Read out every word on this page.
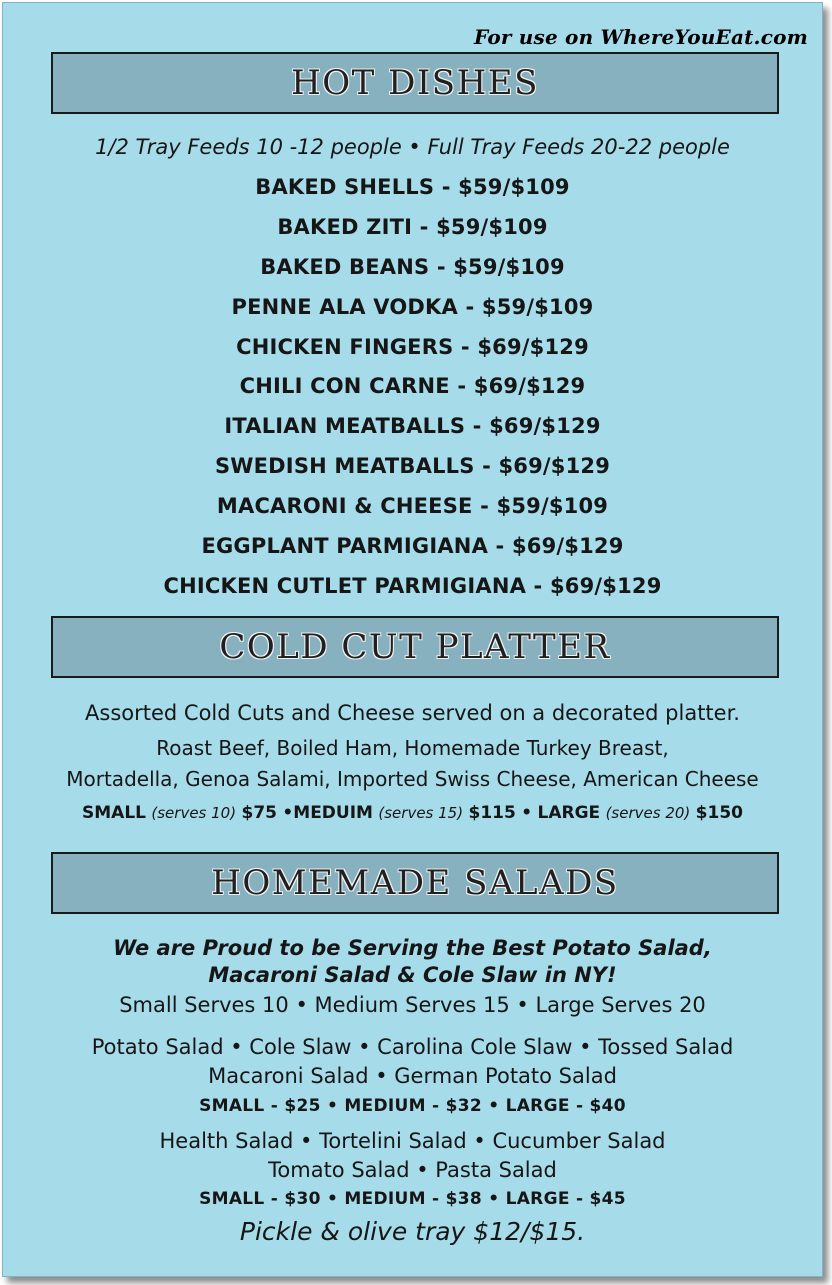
For use on WhereYouEat.com
HOT DISHES
1/2 Tray Feeds 10 -12 people • Full Tray Feeds 20-22 people
BAKED SHELLS - $59/$109
BAKED ZITI - $59/$109
BAKED BEANS - $59/$109
PENNE ALA VODKA - $59/$109
CHICKEN FINGERS - $69/$129
CHILI CON CARNE - $69/$129
ITALIAN MEATBALLS - $69/$129
SWEDISH MEATBALLS - $69/$129
MACARONI & CHEESE - $59/$109
EGGPLANT PARMIGIANA - $69/$129
CHICKEN CUTLET PARMIGIANA - $69/$129
COLD CUT PLATTER
Assorted Cold Cuts and Cheese served on a decorated platter.
Roast Beef, Boiled Ham, Homemade Turkey Breast,
Mortadella, Genoa Salami, Imported Swiss Cheese, American Cheese
SMALL (serves 10) $75 •MEDUIM (serves 15) $115 • LARGE (serves 20) $150
HOMEMADE SALADS
We are Proud to be Serving the Best Potato Salad,
Macaroni Salad & Cole Slaw in NY!
Small Serves 10 • Medium Serves 15 • Large Serves 20
Potato Salad • Cole Slaw • Carolina Cole Slaw • Tossed Salad
Macaroni Salad • German Potato Salad
SMALL - $25 • MEDIUM - $32 • LARGE - $40
Health Salad • Tortelini Salad • Cucumber Salad
Tomato Salad • Pasta Salad
SMALL - $30 • MEDIUM - $38 • LARGE - $45
Pickle & olive tray $12/$15.
